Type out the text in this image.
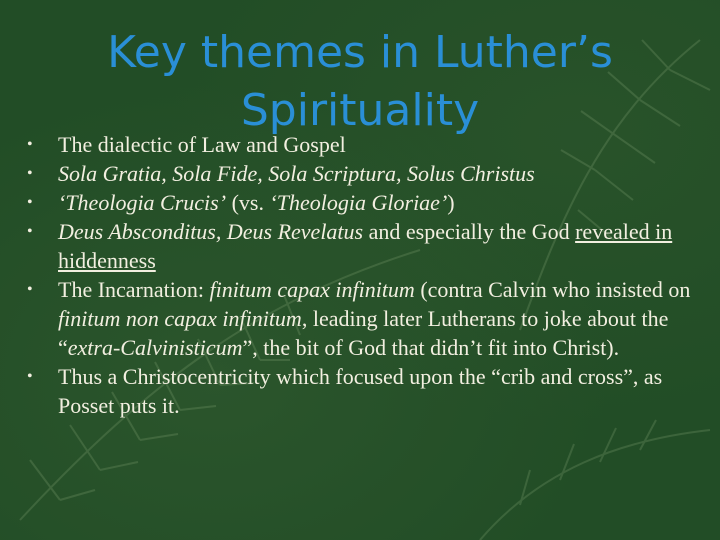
Key themes in Luther’s Spirituality
• The dialectic of Law and Gospel
• Sola Gratia, Sola Fide, Sola Scriptura, Solus Christus
• ‘Theologia Crucis’ (vs. ‘Theologia Gloriae’)
• Deus Absconditus, Deus Revelatus and especially the God revealed in hiddenness
• The Incarnation: finitum capax infinitum (contra Calvin who insisted on finitum non capax infinitum, leading later Lutherans to joke about the “extra-Calvinisticum”, the bit of God that didn’t fit into Christ).
• Thus a Christocentricity which focused upon the “crib and cross”, as Posset puts it.
